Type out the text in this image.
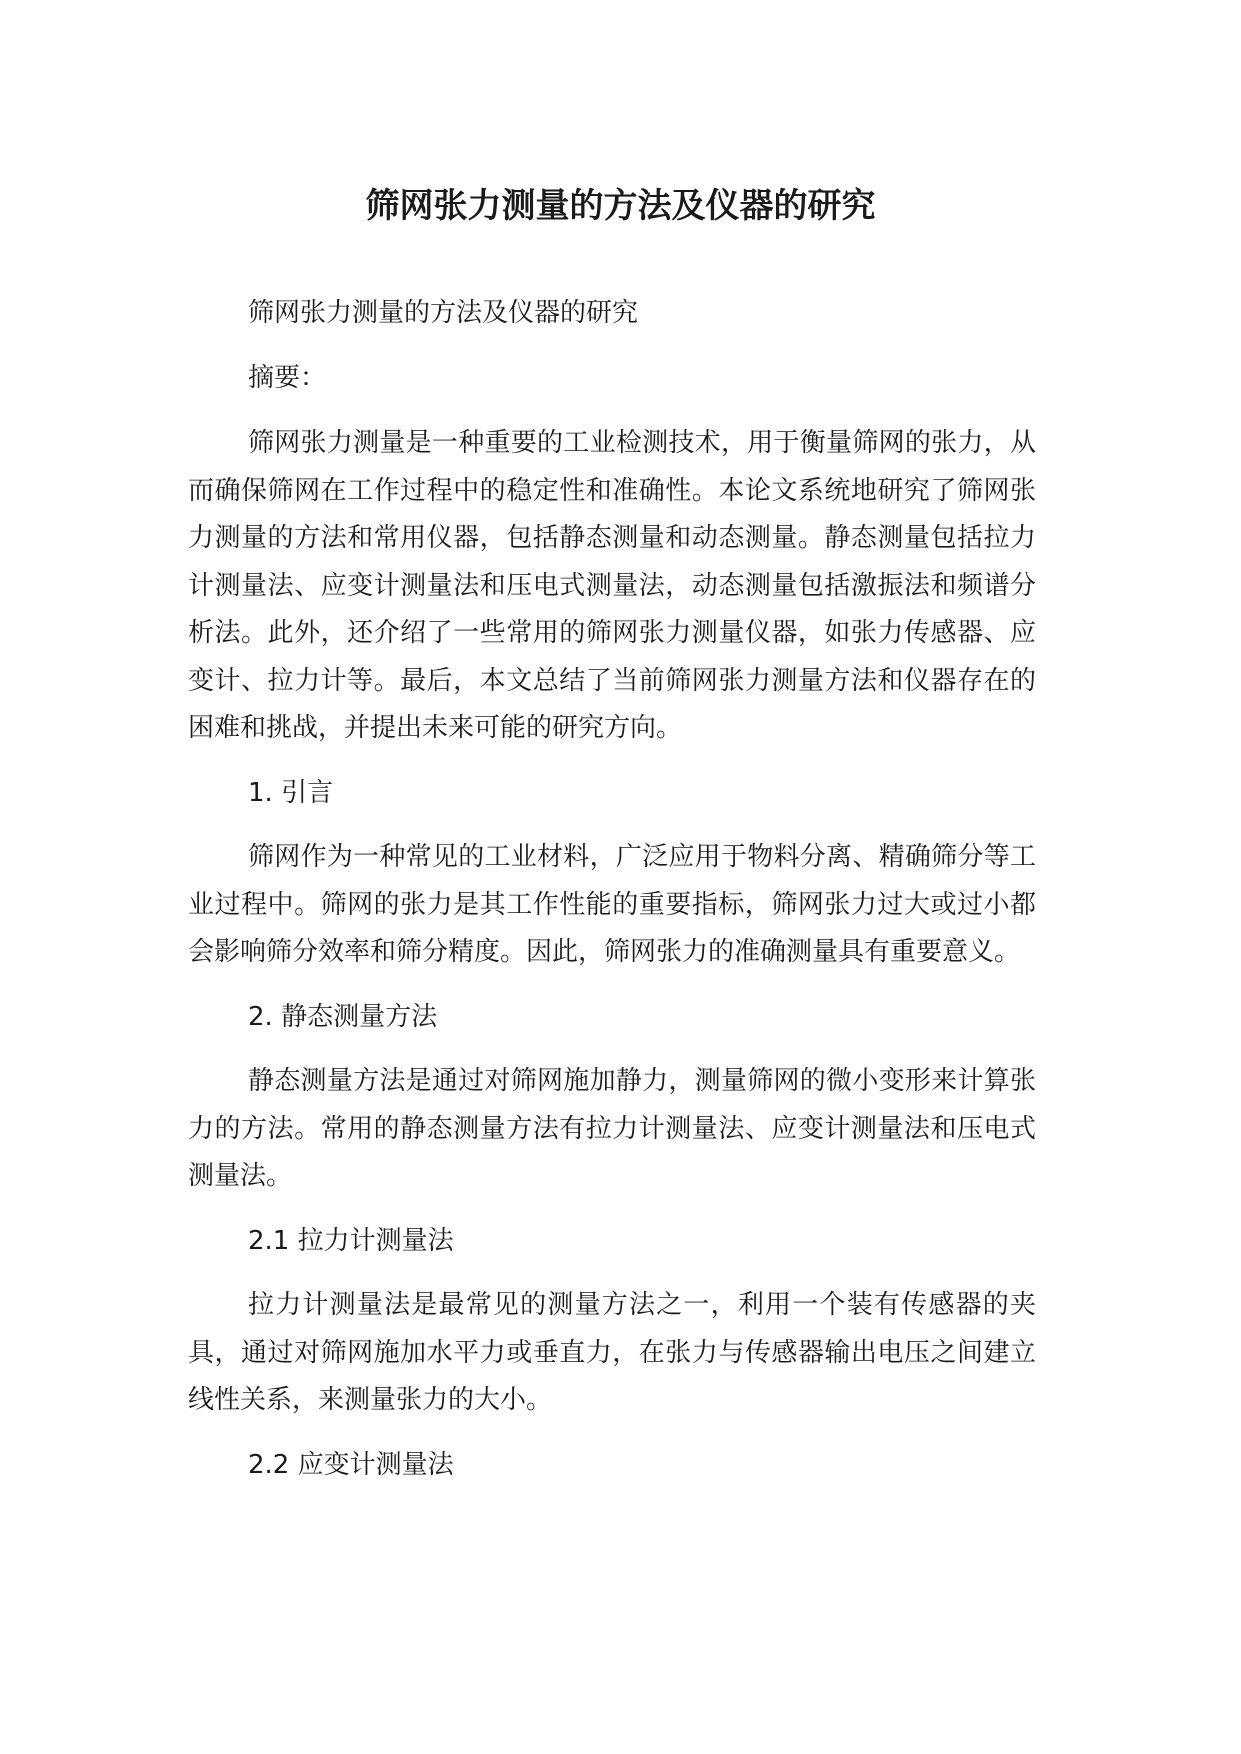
筛网张力测量的方法及仪器的研究

筛网张力测量的方法及仪器的研究

摘要：

筛网张力测量是一种重要的工业检测技术，用于衡量筛网的张力，从而确保筛网在工作过程中的稳定性和准确性。本论文系统地研究了筛网张力测量的方法和常用仪器，包括静态测量和动态测量。静态测量包括拉力计测量法、应变计测量法和压电式测量法，动态测量包括激振法和频谱分析法。此外，还介绍了一些常用的筛网张力测量仪器，如张力传感器、应变计、拉力计等。最后，本文总结了当前筛网张力测量方法和仪器存在的困难和挑战，并提出未来可能的研究方向。

1. 引言

筛网作为一种常见的工业材料，广泛应用于物料分离、精确筛分等工业过程中。筛网的张力是其工作性能的重要指标，筛网张力过大或过小都会影响筛分效率和筛分精度。因此，筛网张力的准确测量具有重要意义。

2. 静态测量方法

静态测量方法是通过对筛网施加静力，测量筛网的微小变形来计算张力的方法。常用的静态测量方法有拉力计测量法、应变计测量法和压电式测量法。

2.1 拉力计测量法

拉力计测量法是最常见的测量方法之一，利用一个装有传感器的夹具，通过对筛网施加水平力或垂直力，在张力与传感器输出电压之间建立线性关系，来测量张力的大小。

2.2 应变计测量法
